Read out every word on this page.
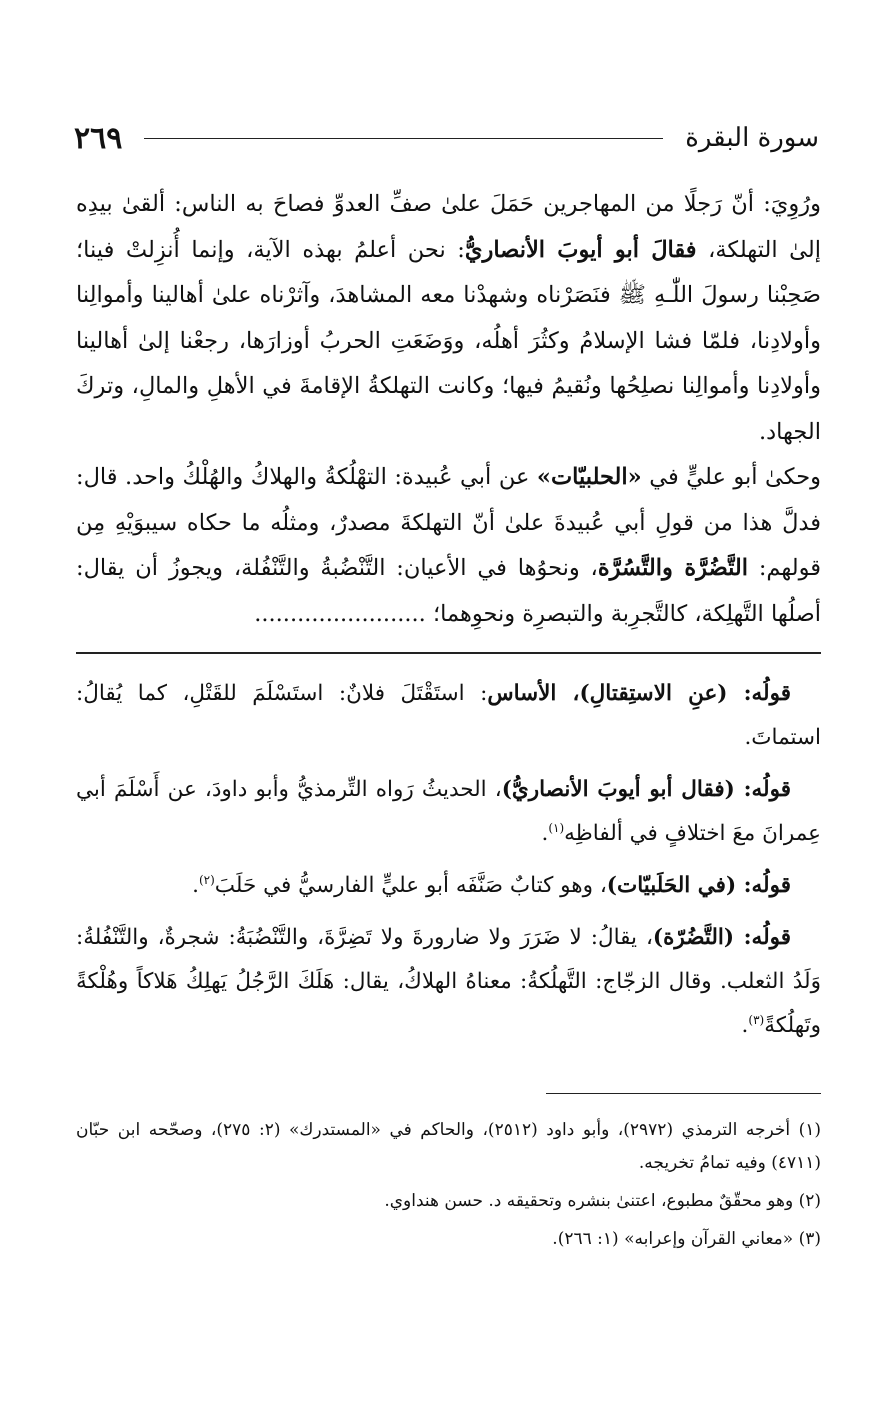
سورة البقرة
٢٦٩

ورُوِيَ: أنّ رَجلًا من المهاجرين حَمَلَ علىٰ صفِّ العدوِّ فصاحَ به الناس: ألقىٰ بيدِه إلىٰ التهلكة، فقالَ أبو أيوبَ الأنصاريُّ: نحن أعلمُ بهذه الآية، وإنما أُنزِلتْ فينا؛ صَحِبْنا رسولَ اللّٰـهِ ﷺ فنَصَرْناه وشهدْنا معه المشاهدَ، وآثرْناه علىٰ أهالينا وأموالِنا وأولادِنا، فلمّا فشا الإسلامُ وكثُرَ أهلُه، ووَضَعَتِ الحربُ أوزارَها، رجعْنا إلىٰ أهالينا وأولادِنا وأموالِنا نصلِحُها ونُقيمُ فيها؛ وكانت التهلكةُ الإقامةَ في الأهلِ والمالِ، وتركَ الجهاد.

وحكىٰ أبو عليٍّ في «الحلبيّات» عن أبي عُبيدة: التهْلُكةُ والهلاكُ والهُلْكُ واحد. قال: فدلَّ هذا من قولِ أبي عُبيدةَ علىٰ أنّ التهلكةَ مصدرٌ، ومثلُه ما حكاه سيبوَيْهِ مِن قولهم: التَّضُرَّة والتَّسُرَّة، ونحوُها في الأعيان: التَّنْضُبةُ والتَّنْفُلة، ويجوزُ أن يقال: أصلُها التَّهلِكة، كالتَّجرِبة والتبصرِة ونحوِهما؛ ........................

قولُه: (عنِ الاستِقتالِ)، الأساس: استَقْتَلَ فلانٌ: استَسْلَمَ للقَتْلِ، كما يُقالُ: استماتَ.

قولُه: (فقال أبو أيوبَ الأنصاريُّ)، الحديثُ رَواه التِّرمذيُّ وأبو داودَ، عن أَسْلَمَ أبي عِمرانَ معَ اختلافٍ في ألفاظِه$^{(١)}$.

قولُه: (في الحَلَبيّات)، وهو كتابٌ صَنَّفَه أبو عليٍّ الفارسيُّ في حَلَبَ$^{(٢)}$.

قولُه: (التَّضُرّة)، يقالُ: لا ضَرَرَ ولا ضارورةَ ولا تَضِرَّةَ، والتَّنْضُبَةُ: شجرةٌ، والتَّنْفُلةُ: وَلَدُ الثعلب. وقال الزجّاج: التَّهلُكةُ: معناهُ الهلاكُ، يقال: هَلَكَ الرَّجُلُ يَهلِكُ هَلاكاً وهُلْكةً وتَهلُكةً$^{(٣)}$.

(١) أخرجه الترمذي (٢٩٧٢)، وأبو داود (٢٥١٢)، والحاكم في «المستدرك» (٢: ٢٧٥)، وصحّحه ابن حبّان (٤٧١١) وفيه تمامُ تخريجه.
(٢) وهو محقّقٌ مطبوع، اعتنىٰ بنشره وتحقيقه د. حسن هنداوي.
(٣) «معاني القرآن وإعرابه» (١: ٢٦٦).
